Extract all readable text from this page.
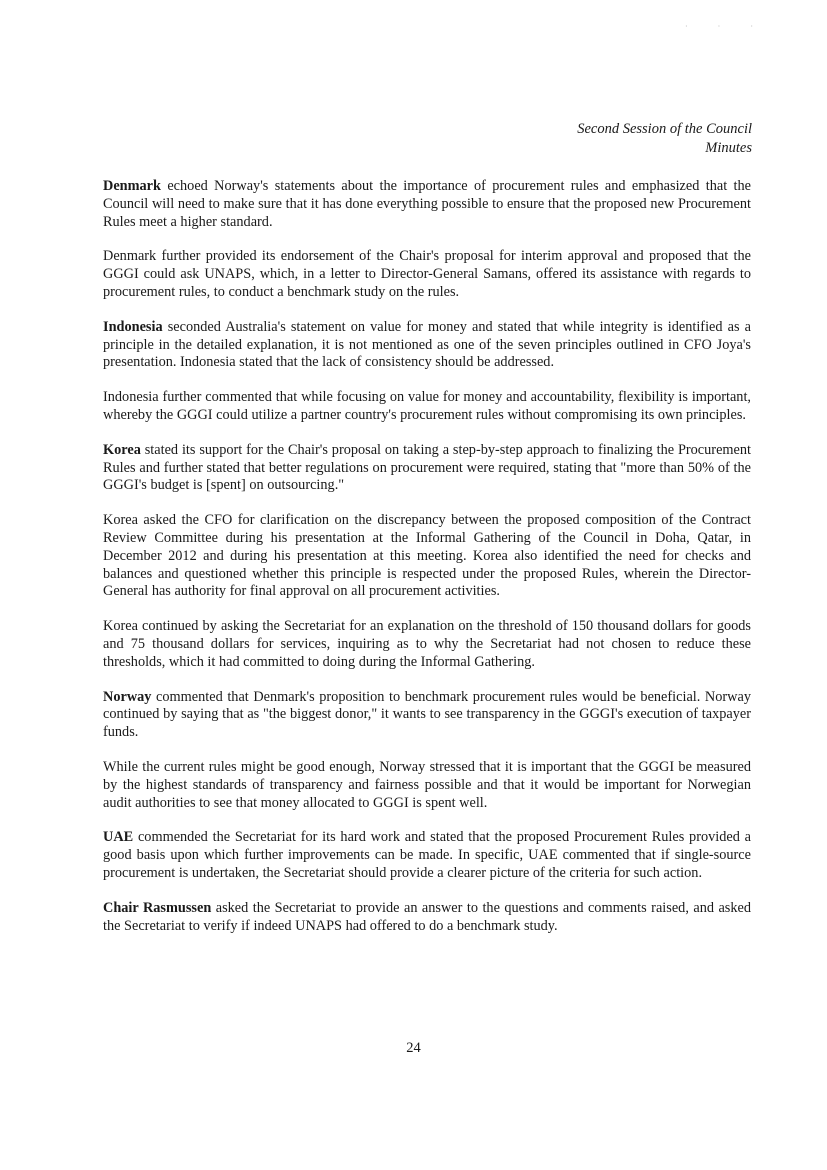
· · ·
Second Session of the Council
Minutes

Denmark echoed Norway's statements about the importance of procurement rules and emphasized that the Council will need to make sure that it has done everything possible to ensure that the proposed new Procurement Rules meet a higher standard.

Denmark further provided its endorsement of the Chair's proposal for interim approval and proposed that the GGGI could ask UNAPS, which, in a letter to Director-General Samans, offered its assistance with regards to procurement rules, to conduct a benchmark study on the rules.

Indonesia seconded Australia's statement on value for money and stated that while integrity is identified as a principle in the detailed explanation, it is not mentioned as one of the seven principles outlined in CFO Joya's presentation. Indonesia stated that the lack of consistency should be addressed.

Indonesia further commented that while focusing on value for money and accountability, flexibility is important, whereby the GGGI could utilize a partner country's procurement rules without compromising its own principles.

Korea stated its support for the Chair's proposal on taking a step-by-step approach to finalizing the Procurement Rules and further stated that better regulations on procurement were required, stating that "more than 50% of the GGGI's budget is [spent] on outsourcing."

Korea asked the CFO for clarification on the discrepancy between the proposed composition of the Contract Review Committee during his presentation at the Informal Gathering of the Council in Doha, Qatar, in December 2012 and during his presentation at this meeting. Korea also identified the need for checks and balances and questioned whether this principle is respected under the proposed Rules, wherein the Director-General has authority for final approval on all procurement activities.

Korea continued by asking the Secretariat for an explanation on the threshold of 150 thousand dollars for goods and 75 thousand dollars for services, inquiring as to why the Secretariat had not chosen to reduce these thresholds, which it had committed to doing during the Informal Gathering.

Norway commented that Denmark's proposition to benchmark procurement rules would be beneficial. Norway continued by saying that as "the biggest donor," it wants to see transparency in the GGGI's execution of taxpayer funds.

While the current rules might be good enough, Norway stressed that it is important that the GGGI be measured by the highest standards of transparency and fairness possible and that it would be important for Norwegian audit authorities to see that money allocated to GGGI is spent well.

UAE commended the Secretariat for its hard work and stated that the proposed Procurement Rules provided a good basis upon which further improvements can be made. In specific, UAE commented that if single-source procurement is undertaken, the Secretariat should provide a clearer picture of the criteria for such action.

Chair Rasmussen asked the Secretariat to provide an answer to the questions and comments raised, and asked the Secretariat to verify if indeed UNAPS had offered to do a benchmark study.

24
